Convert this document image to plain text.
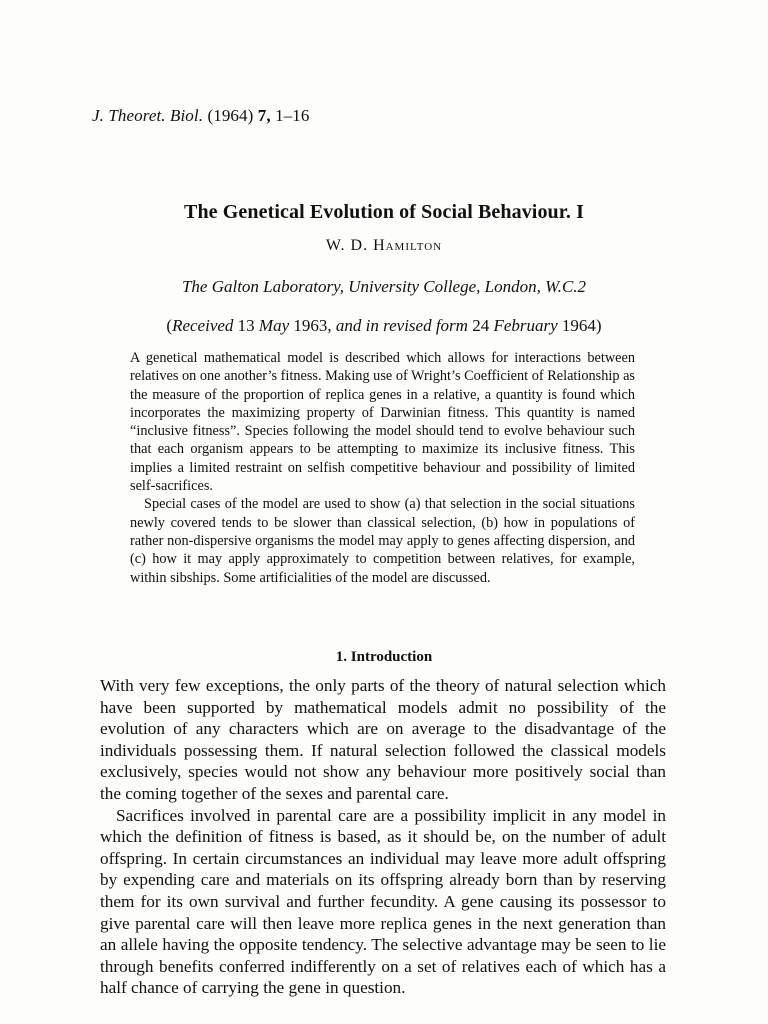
J. Theoret. Biol. (1964) 7, 1–16
The Genetical Evolution of Social Behaviour. I
W. D. Hamilton
The Galton Laboratory, University College, London, W.C.2
(Received 13 May 1963, and in revised form 24 February 1964)

A genetical mathematical model is described which allows for interactions between relatives on one another’s fitness. Making use of Wright’s Coefficient of Relationship as the measure of the proportion of replica genes in a relative, a quantity is found which incorporates the maximizing property of Darwinian fitness. This quantity is named “inclusive fitness”. Species following the model should tend to evolve behaviour such that each organism appears to be attempting to maximize its inclusive fitness. This implies a limited restraint on selfish competitive behaviour and possibility of limited self-sacrifices.

Special cases of the model are used to show (a) that selection in the social situations newly covered tends to be slower than classical selection, (b) how in populations of rather non-dispersive organisms the model may apply to genes affecting dispersion, and (c) how it may apply approximately to competition between relatives, for example, within sibships. Some artificialities of the model are discussed.

1. Introduction

With very few exceptions, the only parts of the theory of natural selection which have been supported by mathematical models admit no possibility of the evolution of any characters which are on average to the disadvantage of the individuals possessing them. If natural selection followed the classical models exclusively, species would not show any behaviour more positively social than the coming together of the sexes and parental care.

Sacrifices involved in parental care are a possibility implicit in any model in which the definition of fitness is based, as it should be, on the number of adult offspring. In certain circumstances an individual may leave more adult offspring by expending care and materials on its offspring already born than by reserving them for its own survival and further fecundity. A gene causing its possessor to give parental care will then leave more replica genes in the next generation than an allele having the opposite tendency. The selective advantage may be seen to lie through benefits conferred indifferently on a set of relatives each of which has a half chance of carrying the gene in question.
